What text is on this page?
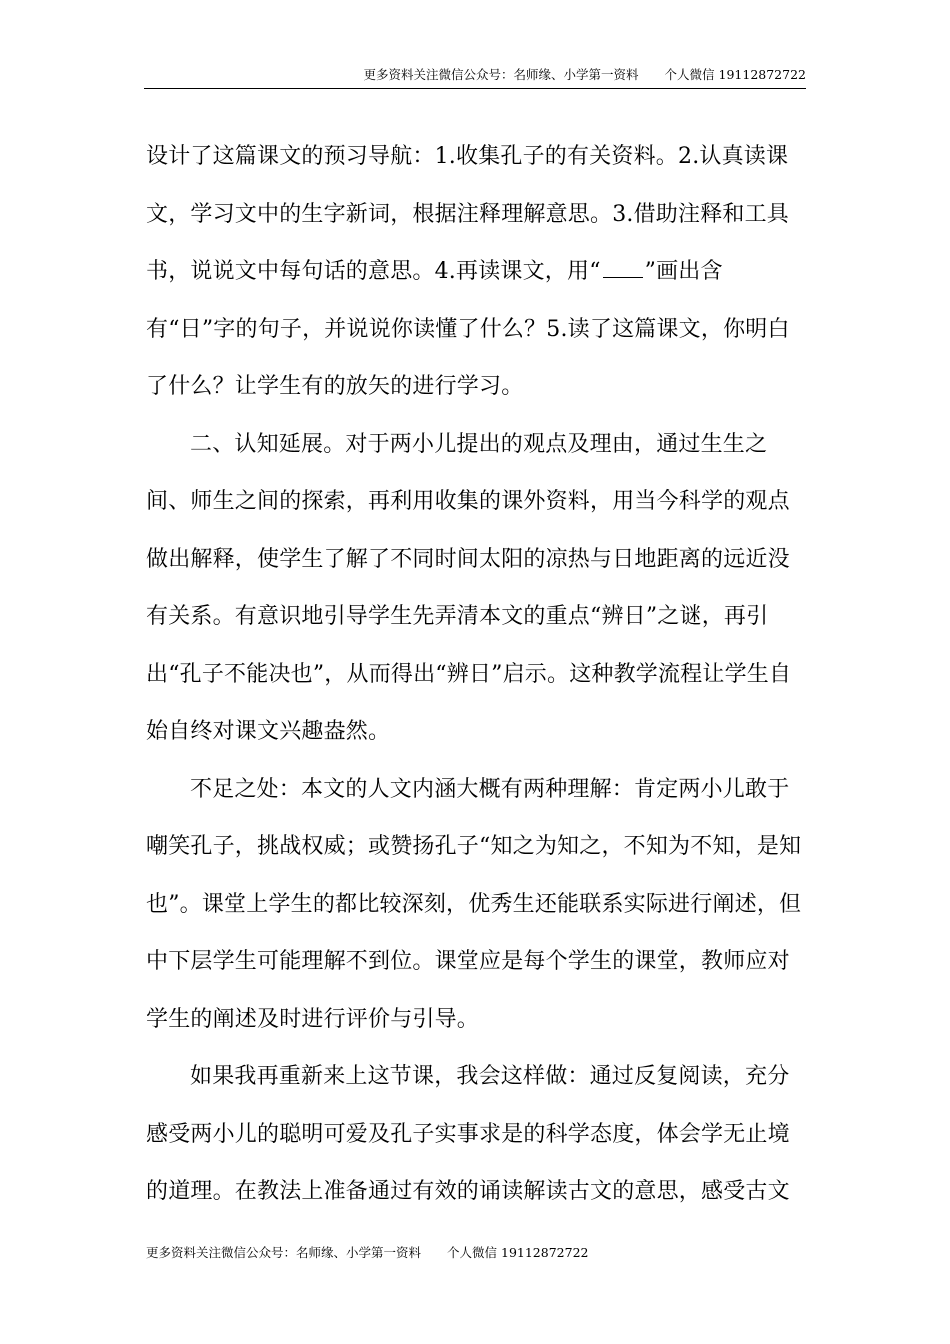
更多资料关注微信公众号：名师缘、小学第一资料 个人微信 19112872722

设计了这篇课文的预习导航：1.收集孔子的有关资料。2.认真读课文，学习文中的生字新词，根据注释理解意思。3.借助注释和工具书，说说文中每句话的意思。4.再读课文，用“ ”画出含有“日”字的句子，并说说你读懂了什么？5.读了这篇课文，你明白了什么？让学生有的放矢的进行学习。

二、认知延展。对于两小儿提出的观点及理由，通过生生之间、师生之间的探索，再利用收集的课外资料，用当今科学的观点做出解释，使学生了解了不同时间太阳的凉热与日地距离的远近没有关系。有意识地引导学生先弄清本文的重点“辨日”之谜，再引出“孔子不能决也”，从而得出“辨日”启示。这种教学流程让学生自始自终对课文兴趣盎然。

不足之处：本文的人文内涵大概有两种理解：肯定两小儿敢于嘲笑孔子，挑战权威；或赞扬孔子“知之为知之，不知为不知，是知也”。课堂上学生的都比较深刻，优秀生还能联系实际进行阐述，但中下层学生可能理解不到位。课堂应是每个学生的课堂，教师应对学生的阐述及时进行评价与引导。

如果我再重新来上这节课，我会这样做：通过反复阅读，充分感受两小儿的聪明可爱及孔子实事求是的科学态度，体会学无止境的道理。在教法上准备通过有效的诵读解读古文的意思，感受古文

更多资料关注微信公众号：名师缘、小学第一资料 个人微信 19112872722
